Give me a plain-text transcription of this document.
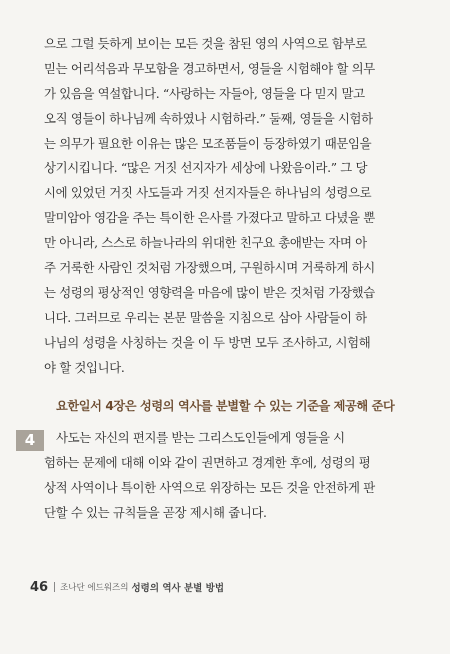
으로 그럴 듯하게 보이는 모든 것을 참된 영의 사역으로 함부로
믿는 어리석음과 무모함을 경고하면서, 영들을 시험해야 할 의무
가 있음을 역설합니다. “사랑하는 자들아, 영들을 다 믿지 말고
오직 영들이 하나님께 속하였나 시험하라.” 둘째, 영들을 시험하
는 의무가 필요한 이유는 많은 모조품들이 등장하였기 때문임을
상기시킵니다. “많은 거짓 선지자가 세상에 나왔음이라.” 그 당
시에 있었던 거짓 사도들과 거짓 선지자들은 하나님의 성령으로
말미암아 영감을 주는 특이한 은사를 가졌다고 말하고 다녔을 뿐
만 아니라, 스스로 하늘나라의 위대한 친구요 총애받는 자며 아
주 거룩한 사람인 것처럼 가장했으며, 구원하시며 거룩하게 하시
는 성령의 평상적인 영향력을 마음에 많이 받은 것처럼 가장했습
니다. 그러므로 우리는 본문 말씀을 지침으로 삼아 사람들이 하
나님의 성령을 사칭하는 것을 이 두 방면 모두 조사하고, 시험해
야 할 것입니다.
요한일서 4장은 성령의 역사를 분별할 수 있는 기준을 제공해 준다
4	사도는 자신의 편지를 받는 그리스도인들에게 영들을 시
험하는 문제에 대해 이와 같이 권면하고 경계한 후에, 성령의 평
상적 사역이나 특이한 사역으로 위장하는 모든 것을 안전하게 판
단할 수 있는 규칙들을 곧장 제시해 줍니다.
46 조나단 에드워즈의 성령의 역사 분별 방법
